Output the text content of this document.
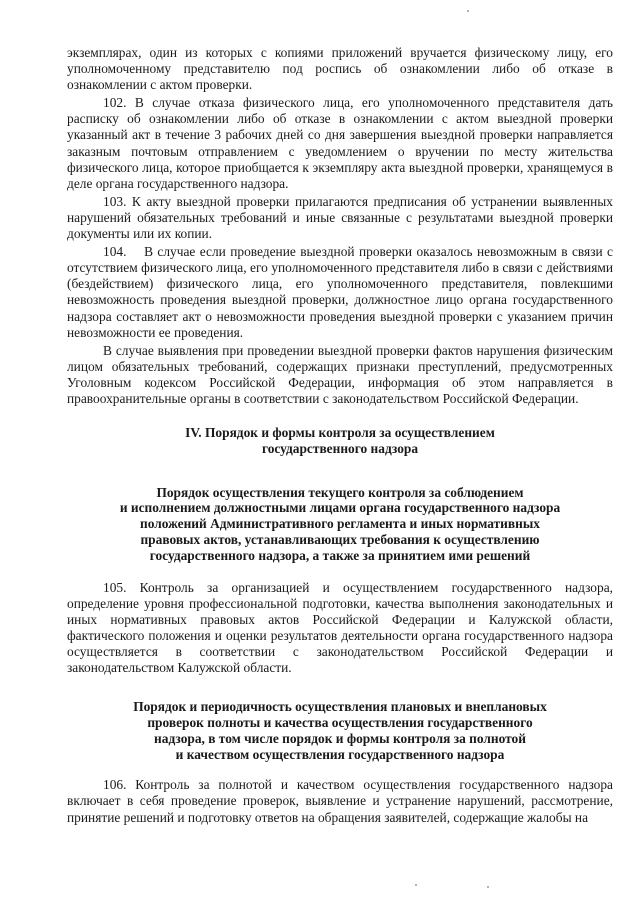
экземплярах, один из которых с копиями приложений вручается физическому лицу, его уполномоченному представителю под роспись об ознакомлении либо об отказе в ознакомлении с актом проверки.

102. В случае отказа физического лица, его уполномоченного представителя дать расписку об ознакомлении либо об отказе в ознакомлении с актом выездной проверки указанный акт в течение 3 рабочих дней со дня завершения выездной проверки направляется заказным почтовым отправлением с уведомлением о вручении по месту жительства физического лица, которое приобщается к экземпляру акта выездной проверки, хранящемуся в деле органа государственного надзора.

103. К акту выездной проверки прилагаются предписания об устранении выявленных нарушений обязательных требований и иные связанные с результатами выездной проверки документы или их копии.

104.    В случае если проведение выездной проверки оказалось невозможным в связи с отсутствием физического лица, его уполномоченного представителя либо в связи с действиями (бездействием) физического лица, его уполномоченного представителя, повлекшими невозможность проведения выездной проверки, должностное лицо органа государственного надзора составляет акт о невозможности проведения выездной проверки с указанием причин невозможности ее проведения.

В случае выявления при проведении выездной проверки фактов нарушения физическим лицом обязательных требований, содержащих признаки преступлений, предусмотренных Уголовным кодексом Российской Федерации, информация об этом направляется в правоохранительные органы в соответствии с законодательством Российской Федерации.

IV. Порядок и формы контроля за осуществлением
государственного надзора
Порядок осуществления текущего контроля за соблюдением
и исполнением должностными лицами органа государственного надзора
положений Административного регламента и иных нормативных
правовых актов, устанавливающих требования к осуществлению
государственного надзора, а также за принятием ими решений

105. Контроль за организацией и осуществлением государственного надзора, определение уровня профессиональной подготовки, качества выполнения законодательных и иных нормативных правовых актов Российской Федерации и Калужской области, фактического положения и оценки результатов деятельности органа государственного надзора осуществляется в соответствии с законодательством Российской Федерации и законодательством Калужской области.

Порядок и периодичность осуществления плановых и внеплановых
проверок полноты и качества осуществления государственного
надзора, в том числе порядок и формы контроля за полнотой
и качеством осуществления государственного надзора

106. Контроль за полнотой и качеством осуществления государственного надзора включает в себя проведение проверок, выявление и устранение нарушений, рассмотрение, принятие решений и подготовку ответов на обращения заявителей, содержащие жалобы на
